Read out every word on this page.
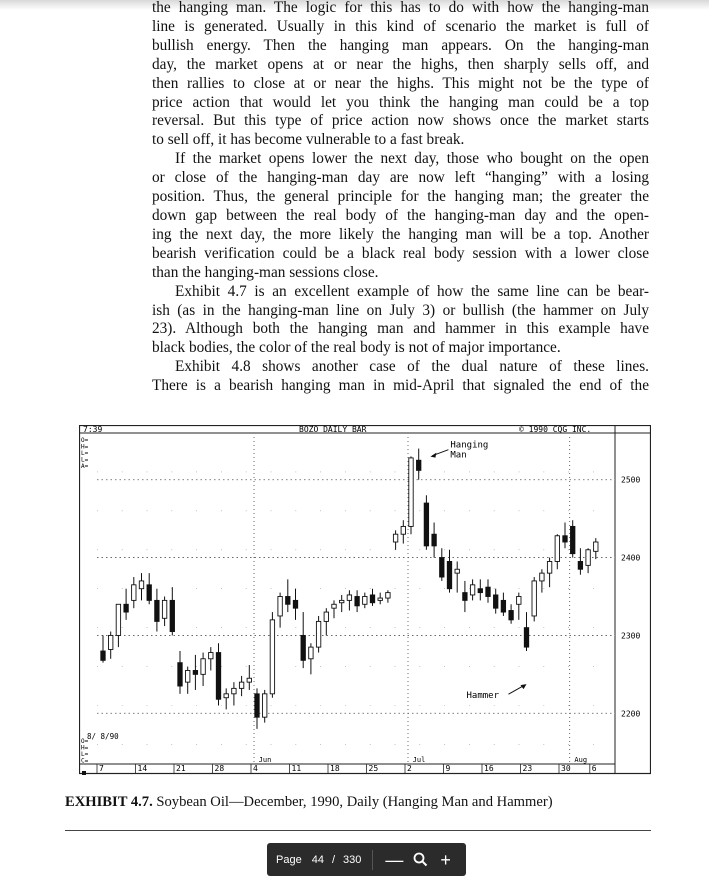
the hanging man. The logic for this has to do with how the hanging-man

line is generated. Usually in this kind of scenario the market is full of

bullish energy. Then the hanging man appears. On the hanging-man

day, the market opens at or near the highs, then sharply sells off, and

then rallies to close at or near the highs. This might not be the type of

price action that would let you think the hanging man could be a top

reversal. But this type of price action now shows once the market starts

to sell off, it has become vulnerable to a fast break.

If the market opens lower the next day, those who bought on the open

or close of the hanging-man day are now left “hanging” with a losing

position. Thus, the general principle for the hanging man; the greater the

down gap between the real body of the hanging-man day and the open-

ing the next day, the more likely the hanging man will be a top. Another

bearish verification could be a black real body session with a lower close

than the hanging-man sessions close.

Exhibit 4.7 is an excellent example of how the same line can be bear-

ish (as in the hanging-man line on July 3) or bullish (the hammer on July

23). Although both the hanging man and hammer in this example have

black bodies, the color of the real body is not of major importance.

Exhibit 4.8 shows another case of the dual nature of these lines.

There is a bearish hanging man in mid-April that signaled the end of the

7:39	BOZO DAILY BAR	© 1990 CQG INC.
O=
H=
L=
L=
A=
O=
H=
L=
C=
8/ 8/90
2500
2400
2300
2200
7	14	21	28	4	11	18	25	2	9	16	23	30	6
Jun	Jul	Aug
Hanging
Man
Hammer
EXHIBIT 4.7. Soybean Oil—December, 1990, Daily (Hanging Man and Hammer)
Page 44 / 330 — +
